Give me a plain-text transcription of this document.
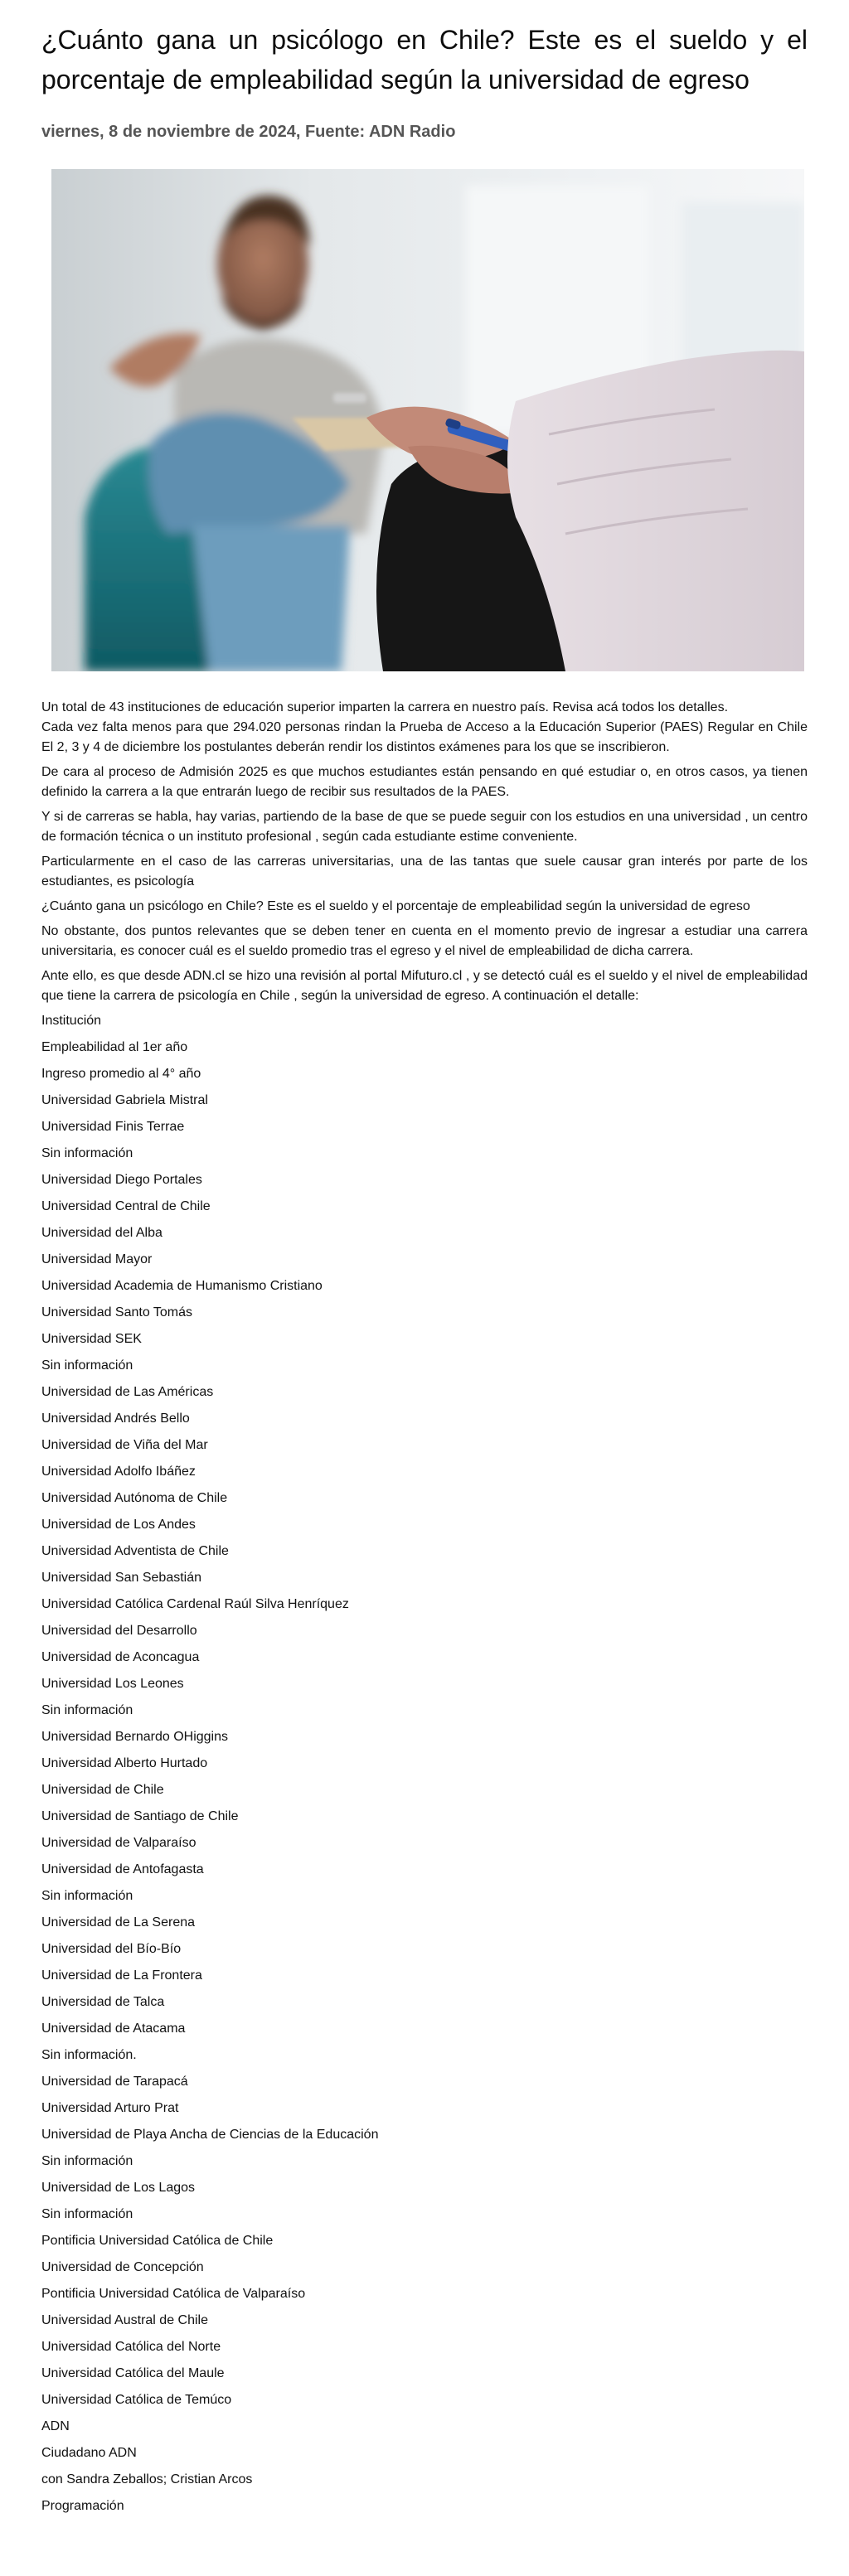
¿Cuánto gana un psicólogo en Chile? Este es el sueldo y el porcentaje de empleabilidad según la universidad de egreso
viernes, 8 de noviembre de 2024, Fuente: ADN Radio
Un total de 43 instituciones de educación superior imparten la carrera en nuestro país. Revisa acá todos los detalles.
Cada vez falta menos para que 294.020 personas rindan la Prueba de Acceso a la Educación Superior (PAES) Regular en Chile El 2, 3 y 4 de diciembre los postulantes deberán rendir los distintos exámenes para los que se inscribieron.

De cara al proceso de Admisión 2025 es que muchos estudiantes están pensando en qué estudiar o, en otros casos, ya tienen definido la carrera a la que entrarán luego de recibir sus resultados de la PAES.

Y si de carreras se habla, hay varias, partiendo de la base de que se puede seguir con los estudios en una universidad , un centro de formación técnica o un instituto profesional , según cada estudiante estime conveniente.

Particularmente en el caso de las carreras universitarias, una de las tantas que suele causar gran interés por parte de los estudiantes, es psicología

¿Cuánto gana un psicólogo en Chile? Este es el sueldo y el porcentaje de empleabilidad según la universidad de egreso

No obstante, dos puntos relevantes que se deben tener en cuenta en el momento previo de ingresar a estudiar una carrera universitaria, es conocer cuál es el sueldo promedio tras el egreso y el nivel de empleabilidad de dicha carrera.

Ante ello, es que desde ADN.cl se hizo una revisión al portal Mifuturo.cl , y se detectó cuál es el sueldo y el nivel de empleabilidad que tiene la carrera de psicología en Chile , según la universidad de egreso. A continuación el detalle:

Institución

Empleabilidad al 1er año

Ingreso promedio al 4° año

Universidad Gabriela Mistral

Universidad Finis Terrae

Sin información

Universidad Diego Portales

Universidad Central de Chile

Universidad del Alba

Universidad Mayor

Universidad Academia de Humanismo Cristiano

Universidad Santo Tomás

Universidad SEK

Sin información

Universidad de Las Américas

Universidad Andrés Bello

Universidad de Viña del Mar

Universidad Adolfo Ibáñez

Universidad Autónoma de Chile

Universidad de Los Andes

Universidad Adventista de Chile

Universidad San Sebastián

Universidad Católica Cardenal Raúl Silva Henríquez

Universidad del Desarrollo

Universidad de Aconcagua

Universidad Los Leones

Sin información

Universidad Bernardo OHiggins

Universidad Alberto Hurtado

Universidad de Chile

Universidad de Santiago de Chile

Universidad de Valparaíso

Universidad de Antofagasta

Sin información

Universidad de La Serena

Universidad del Bío-Bío

Universidad de La Frontera

Universidad de Talca

Universidad de Atacama

Sin información.

Universidad de Tarapacá

Universidad Arturo Prat

Universidad de Playa Ancha de Ciencias de la Educación

Sin información

Universidad de Los Lagos

Sin información

Pontificia Universidad Católica de Chile

Universidad de Concepción

Pontificia Universidad Católica de Valparaíso

Universidad Austral de Chile

Universidad Católica del Norte

Universidad Católica del Maule

Universidad Católica de Temúco

ADN

Ciudadano ADN

con Sandra Zeballos; Cristian Arcos

Programación
